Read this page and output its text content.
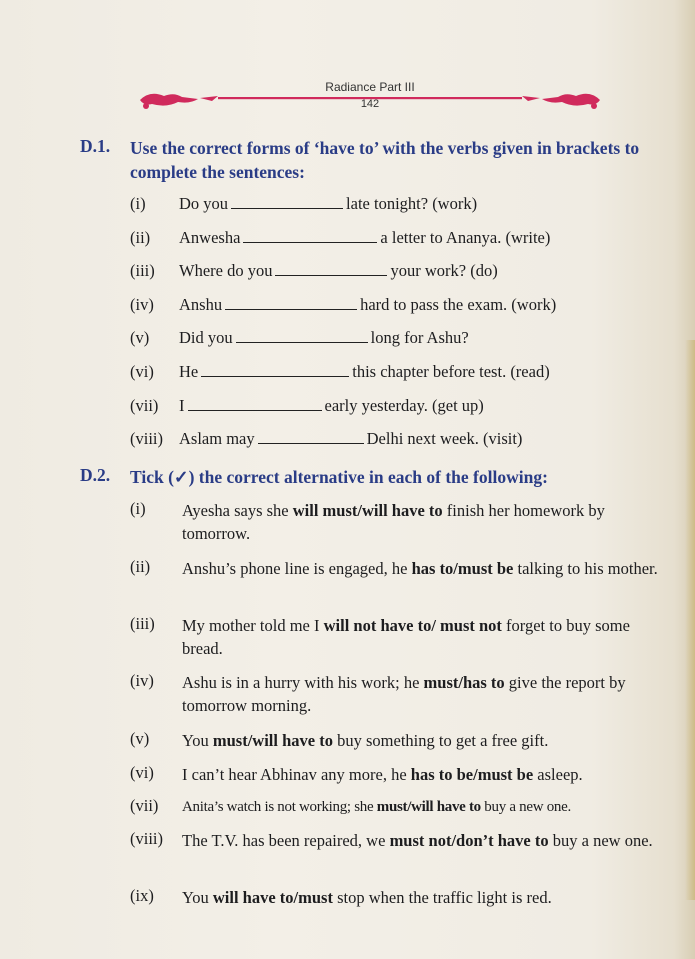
Radiance Part III
142
D.1. Use the correct forms of ‘have to’ with the verbs given in brackets to complete the sentences:
(i) Do you	late tonight? (work)
(ii) Anwesha	a letter to Ananya. (write)
(iii) Where do you	your work? (do)
(iv) Anshu	hard to pass the exam. (work)
(v) Did you	long for Ashu?
(vi) He	this chapter before test. (read)
(vii) I	early yesterday. (get up)
(viii) Aslam may	Delhi next week. (visit)
D.2. Tick (✓) the correct alternative in each of the following:
(i) Ayesha says she will must/will have to finish her homework by tomorrow.
(ii) Anshu’s phone line is engaged, he has to/must be talking to his mother.
(iii) My mother told me I will not have to/ must not forget to buy some bread.
(iv) Ashu is in a hurry with his work; he must/has to give the report by tomorrow morning.
(v) You must/will have to buy something to get a free gift.
(vi) I can’t hear Abhinav any more, he has to be/must be asleep.
(vii) Anita’s watch is not working; she must/will have to buy a new one.
(viii) The T.V. has been repaired, we must not/don’t have to buy a new one.
(ix) You will have to/must stop when the traffic light is red.
